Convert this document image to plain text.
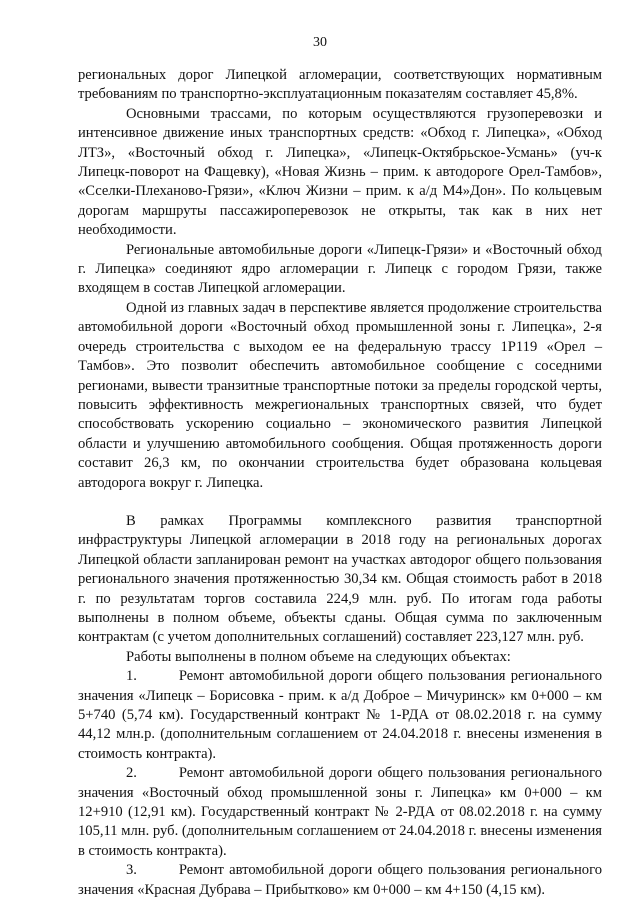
30

региональных дорог Липецкой агломерации, соответствующих нормативным требованиям по транспортно-эксплуатационным показателям составляет 45,8%.

Основными трассами, по которым осуществляются грузоперевозки и интенсивное движение иных транспортных средств: «Обход г. Липецка», «Обход ЛТЗ», «Восточный обход г. Липецка», «Липецк-Октябрьское-Усмань» (уч-к Липецк-поворот на Фащевку), «Новая Жизнь – прим. к автодороге Орел-Тамбов», «Сселки-Плеханово-Грязи», «Ключ Жизни – прим. к а/д М4»Дон». По кольцевым дорогам маршруты пассажироперевозок не открыты, так как в них нет необходимости.

Региональные автомобильные дороги «Липецк-Грязи» и «Восточный обход г. Липецка» соединяют ядро агломерации г. Липецк с городом Грязи, также входящем в состав Липецкой агломерации.

Одной из главных задач в перспективе является продолжение строительства автомобильной дороги «Восточный обход промышленной зоны г. Липецка», 2-я очередь строительства с выходом ее на федеральную трассу 1Р119 «Орел – Тамбов». Это позволит обеспечить автомобильное сообщение с соседними регионами, вывести транзитные транспортные потоки за пределы городской черты, повысить эффективность межрегиональных транспортных связей, что будет способствовать ускорению социально – экономического развития Липецкой области и улучшению автомобильного сообщения. Общая протяженность дороги составит 26,3 км, по окончании строительства будет образована кольцевая автодорога вокруг г. Липецка.

В рамках Программы комплексного развития транспортной инфраструктуры Липецкой агломерации в 2018 году на региональных дорогах Липецкой области запланирован ремонт на участках автодорог общего пользования регионального значения протяженностью 30,34 км. Общая стоимость работ в 2018 г. по результатам торгов составила 224,9 млн. руб. По итогам года работы выполнены в полном объеме, объекты сданы. Общая сумма по заключенным контрактам (с учетом дополнительных соглашений) составляет 223,127 млн. руб.

Работы выполнены в полном объеме на следующих объектах:

1.        Ремонт автомобильной дороги общего пользования регионального значения «Липецк – Борисовка - прим. к а/д Доброе – Мичуринск» км 0+000 – км 5+740 (5,74 км). Государственный контракт № 1-РДА от 08.02.2018 г. на сумму 44,12 млн.р. (дополнительным соглашением от 24.04.2018 г. внесены изменения в стоимость контракта).

2.        Ремонт автомобильной дороги общего пользования регионального значения «Восточный обход промышленной зоны г. Липецка» км 0+000 – км 12+910 (12,91 км). Государственный контракт № 2-РДА от 08.02.2018 г. на сумму 105,11 млн. руб. (дополнительным соглашением от 24.04.2018 г. внесены изменения в стоимость контракта).

3.        Ремонт автомобильной дороги общего пользования регионального значения «Красная Дубрава – Прибытково» км 0+000 – км 4+150 (4,15 км).
